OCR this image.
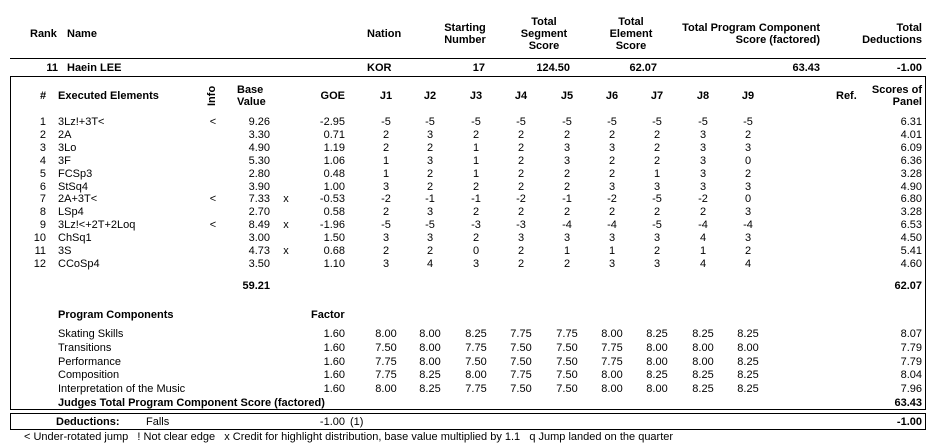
Rank Name	Nation	Starting
Number
Total
Segment
Score
Total
Element
Score
Total Program Component
Score (factored)
Total
Deductions
11 Haein LEE	KOR	17	124.50	62.07	63.43	-1.00
# Executed Elements	Info Base
Value	GOE	Ref.	Scores of
Panel
59.21	62.07
Program Components	Factor
Judges Total Program Component Score (factored)	63.43
Deductions: Falls	-1.00 (1)	-1.00
< Under-rotated jump   ! Not clear edge   x Credit for highlight distribution, base value multiplied by 1.1   q Jump landed on the quarter
J1	J2	J3	J4	J5	J6	J7	J8	J9
1 3Lz!+3T<	<	9.26	-2.95	-5	-5	-5	-5	-5	-5	-5	-5	-5	6.31
2 2A	3.30	0.71	2	3	2	2	2	2	2	3	2	4.01
3 3Lo	4.90	1.19	2	2	1	2	3	3	2	3	3	6.09
4 3F	5.30	1.06	1	3	1	2	3	2	2	3	0	6.36
5 FCSp3	2.80	0.48	1	2	1	2	2	2	1	3	2	3.28
6 StSq4	3.90	1.00	3	2	2	2	2	3	3	3	3	4.90
7 2A+3T<	<	7.33 x	-0.53	-2	-1	-1	-2	-1	-2	-5	-2	0	6.80
8 LSp4	2.70	0.58	2	3	2	2	2	2	2	2	3	3.28
9 3Lz!<+2T+2Loq	<	8.49 x	-1.96	-5	-5	-3	-3	-4	-4	-5	-4	-4	6.53
10 ChSq1	3.00	1.50	3	3	2	3	3	3	3	4	3	4.50
11 3S	4.73 x	0.68	2	2	0	2	1	1	2	1	2	5.41
12 CCoSp4	3.50	1.10	3	4	3	2	2	3	3	4	4	4.60
Skating Skills	1.60	8.00	8.00	8.25	7.75	7.75	8.00	8.25	8.25	8.25	8.07
Transitions	1.60	7.50	8.00	7.75	7.50	7.50	7.75	8.00	8.00	8.00	7.79
Performance	1.60	7.75	8.00	7.50	7.50	7.50	7.75	8.00	8.00	8.25	7.79
Composition	1.60	7.75	8.25	8.00	7.75	7.50	8.00	8.25	8.25	8.25	8.04
Interpretation of the Music	1.60	8.00	8.25	7.75	7.50	7.50	8.00	8.00	8.25	8.25	7.96
